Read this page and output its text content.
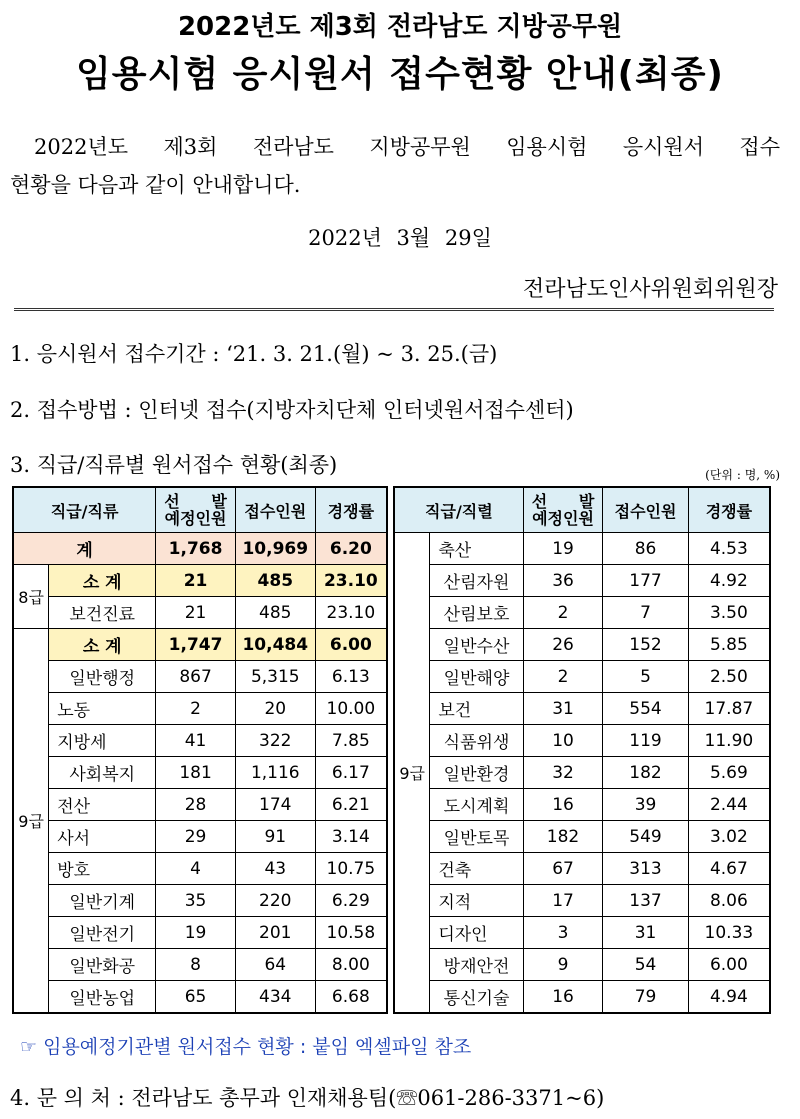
2022년도 제3회 전라남도 지방공무원
임용시험 응시원서 접수현황 안내(최종)
2022년도 제3회 전라남도 지방공무원 임용시험 응시원서 접수
현황을 다음과 같이 안내합니다.
2022년 3월 29일
전라남도인사위원회위원장
1. 응시원서 접수기간 : ‘21. 3. 21.(월) ~ 3. 25.(금)
2. 접수방법 : 인터넷 접수(지방자치단체 인터넷원서접수센터)
3. 직급/직류별 원서접수 현황(최종)	(단위 : 명, %)
직급/직류		선 발
예정인원	접수인원	경쟁률
계		1,768	10,969	6.20
8급	소 계	21	485	23.10
	보건진료	21	485	23.10
9급	소 계	1,747	10,484	6.00
	일반행정	867	5,315	6.13
	노동	2	20	10.00
	지방세	41	322	7.85
	사회복지	181	1,116	6.17
	전산	28	174	6.21
	사서	29	91	3.14
	방호	4	43	10.75
	일반기계	35	220	6.29
	일반전기	19	201	10.58
	일반화공	8	64	8.00
	일반농업	65	434	6.68
직급/직렬		선 발
예정인원	접수인원	경쟁률
9급	축산	19	86	4.53
	산림자원	36	177	4.92
	산림보호	2	7	3.50
	일반수산	26	152	5.85
	일반해양	2	5	2.50
	보건	31	554	17.87
	식품위생	10	119	11.90
	일반환경	32	182	5.69
	도시계획	16	39	2.44
	일반토목	182	549	3.02
	건축	67	313	4.67
	지적	17	137	8.06
	디자인	3	31	10.33
	방재안전	9	54	6.00
	통신기술	16	79	4.94
☞ 임용예정기관별 원서접수 현황 : 붙임 엑셀파일 참조
4. 문 의 처 : 전라남도 총무과 인재채용팀(☏061-286-3371~6)
